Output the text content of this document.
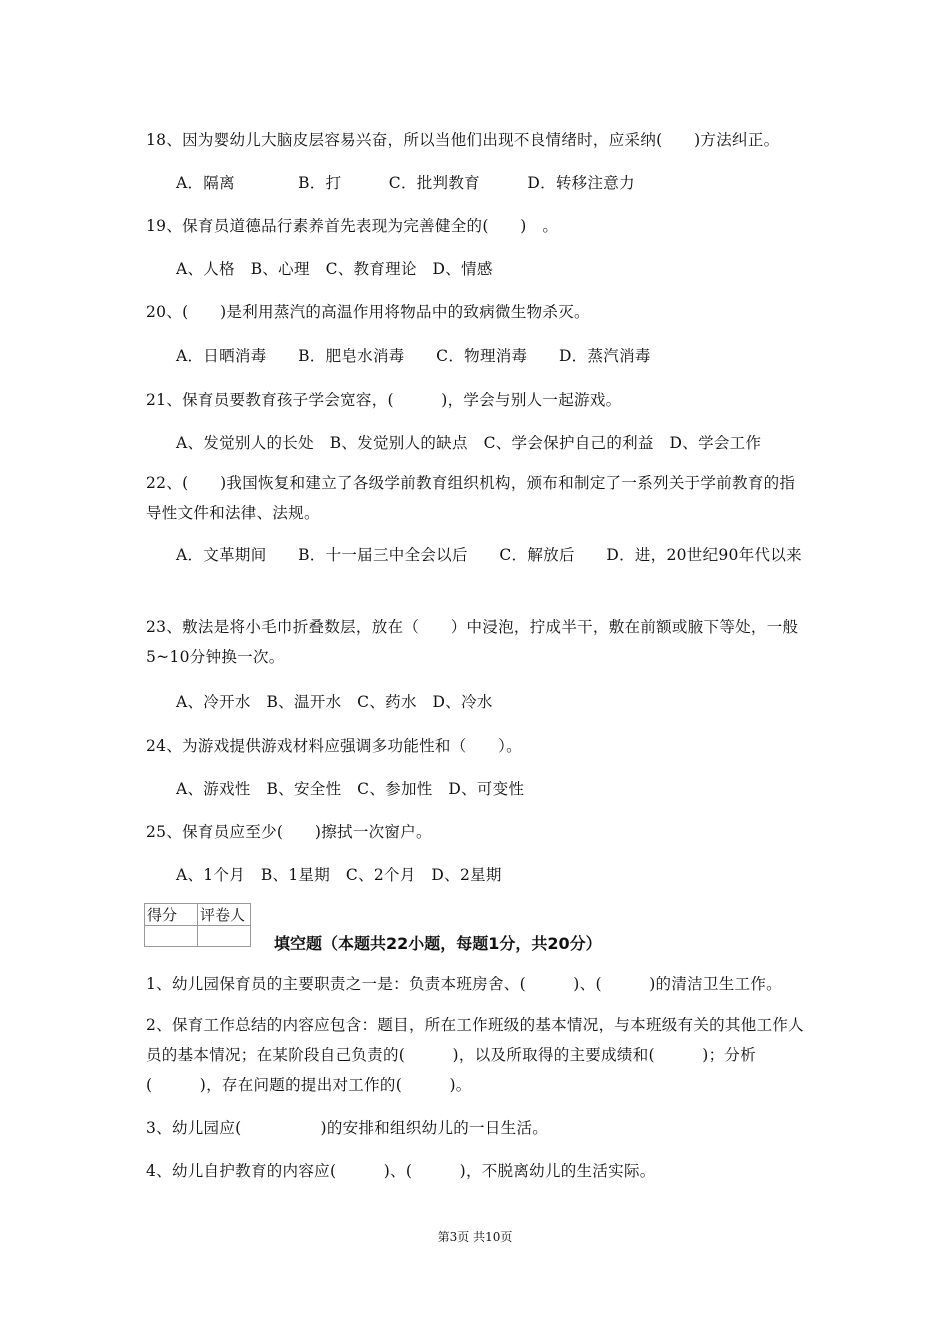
18、因为婴幼儿大脑皮层容易兴奋，所以当他们出现不良情绪时，应采纳(　　)方法纠正。
A．隔离　　　　B．打　　　C．批判教育　　　D．转移注意力
19、保育员道德品行素养首先表现为完善健全的(　　)　。
A、人格　B、心理　C、教育理论　D、情感
20、(　　)是利用蒸汽的高温作用将物品中的致病微生物杀灭。
A．日晒消毒　　B．肥皂水消毒　　C．物理消毒　　D．蒸汽消毒
21、保育员要教育孩子学会宽容，(　　　)，学会与别人一起游戏。
A、发觉别人的长处　B、发觉别人的缺点　C、学会保护自己的利益　D、学会工作
22、(　　)我国恢复和建立了各级学前教育组织机构，颁布和制定了一系列关于学前教育的指导性文件和法律、法规。
A．文革期间　　B．十一届三中全会以后　　C．解放后　　D．进，20世纪90年代以来
23、敷法是将小毛巾折叠数层，放在（　　）中浸泡，拧成半干，敷在前额或腋下等处，一般5~10分钟换一次。
A、冷开水　B、温开水　C、药水　D、冷水
24、为游戏提供游戏材料应强调多功能性和（　　）。
A、游戏性　B、安全性　C、参加性　D、可变性
25、保育员应至少(　　)擦拭一次窗户。
A、1个月　B、1星期　C、2个月　D、2星期
得分	评卷人

填空题（本题共22小题，每题1分，共20分）
1、幼儿园保育员的主要职责之一是：负责本班房舍、(　　　)、(　　　)的清洁卫生工作。
2、保育工作总结的内容应包含：题目，所在工作班级的基本情况，与本班级有关的其他工作人员的基本情况；在某阶段自己负责的(　　　)，以及所取得的主要成绩和(　　　)；分析(　　　)，存在问题的提出对工作的(　　　)。
3、幼儿园应(　　　　　)的安排和组织幼儿的一日生活。
4、幼儿自护教育的内容应(　　　)、(　　　)，不脱离幼儿的生活实际。
第3页 共10页
